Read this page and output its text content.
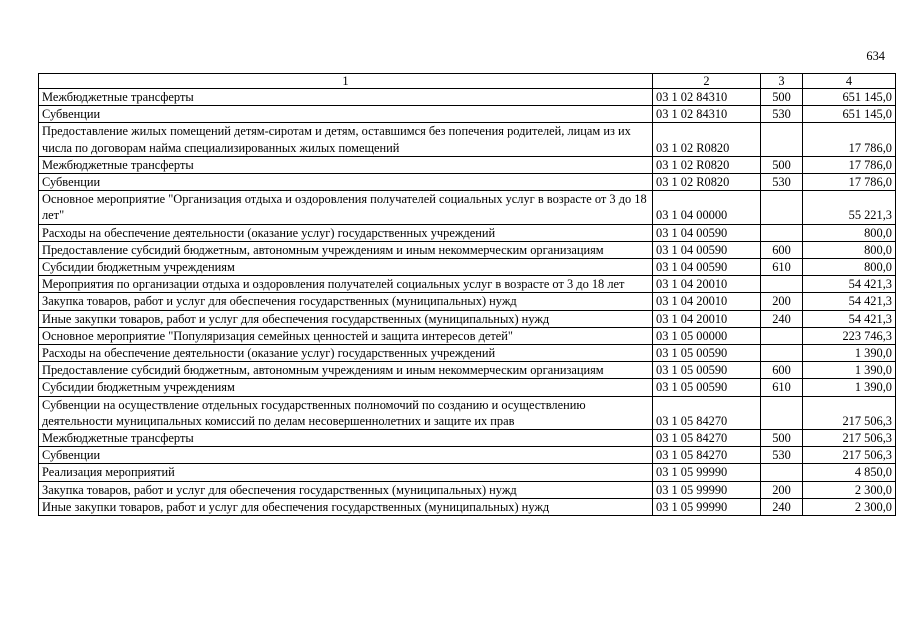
634
1	2	3	4
Межбюджетные трансферты	03 1 02 84310	500	651 145,0
Субвенции	03 1 02 84310	530	651 145,0
Предоставление жилых помещений детям-сиротам и детям, оставшимся без попечения родителей, лицам из их числа по договорам найма специализированных жилых помещений	03 1 02 R0820		17 786,0
Межбюджетные трансферты	03 1 02 R0820	500	17 786,0
Субвенции	03 1 02 R0820	530	17 786,0
Основное мероприятие "Организация отдыха и оздоровления получателей социальных услуг в возрасте от 3 до 18 лет"	03 1 04 00000		55 221,3
Расходы на обеспечение деятельности (оказание услуг) государственных учреждений	03 1 04 00590		800,0
Предоставление субсидий бюджетным, автономным учреждениям и иным некоммерческим организациям	03 1 04 00590	600	800,0
Субсидии бюджетным учреждениям	03 1 04 00590	610	800,0
Мероприятия по организации отдыха и оздоровления получателей социальных услуг в возрасте от 3 до 18 лет	03 1 04 20010		54 421,3
Закупка товаров, работ и услуг для обеспечения государственных (муниципальных) нужд	03 1 04 20010	200	54 421,3
Иные закупки товаров, работ и услуг для обеспечения государственных (муниципальных) нужд	03 1 04 20010	240	54 421,3
Основное мероприятие "Популяризация семейных ценностей и защита интересов детей"	03 1 05 00000		223 746,3
Расходы на обеспечение деятельности (оказание услуг) государственных учреждений	03 1 05 00590		1 390,0
Предоставление субсидий бюджетным, автономным учреждениям и иным некоммерческим организациям	03 1 05 00590	600	1 390,0
Субсидии бюджетным учреждениям	03 1 05 00590	610	1 390,0
Субвенции на осуществление отдельных государственных полномочий по созданию и осуществлению деятельности муниципальных комиссий по делам несовершеннолетних и защите их прав	03 1 05 84270		217 506,3
Межбюджетные трансферты	03 1 05 84270	500	217 506,3
Субвенции	03 1 05 84270	530	217 506,3
Реализация мероприятий	03 1 05 99990		4 850,0
Закупка товаров, работ и услуг для обеспечения государственных (муниципальных) нужд	03 1 05 99990	200	2 300,0
Иные закупки товаров, работ и услуг для обеспечения государственных (муниципальных) нужд	03 1 05 99990	240	2 300,0
